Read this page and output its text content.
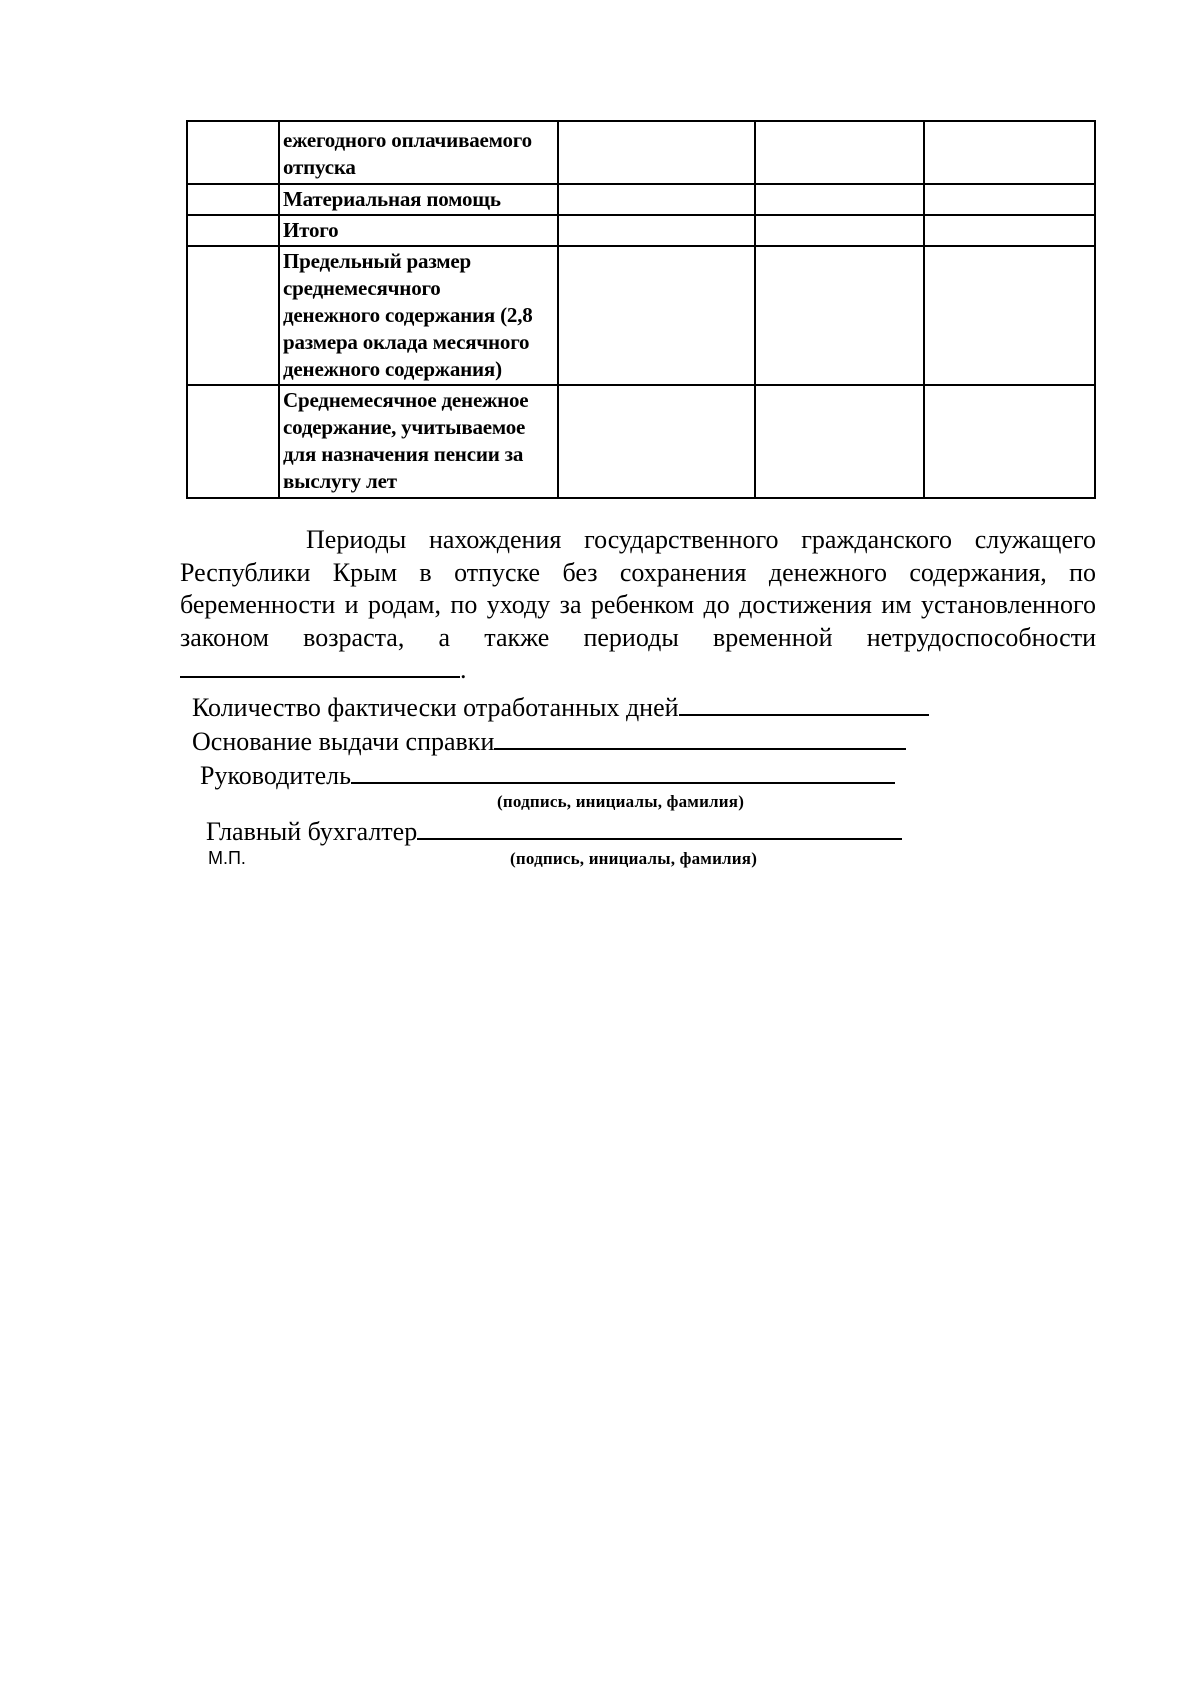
	ежегодного оплачиваемого
отпуска			

	Материальная помощь			

	Итого			

	Предельный размер
среднемесячного
денежного содержания (2,8
размера оклада месячного
денежного содержания)			

	Среднемесячное денежное
содержание, учитываемое
для назначения пенсии за
выслугу лет			

Периоды нахождения государственного гражданского служащего Республики Крым в отпуске без сохранения денежного содержания, по беременности и родам, по уходу за ребенком до достижения им установленного законом возраста, а также периоды временной нетрудоспособности .
Количество фактически отработанных дней
Основание выдачи справки
Руководитель
(подпись, инициалы, фамилия)
Главный бухгалтер
М.П.	(подпись, инициалы, фамилия)
